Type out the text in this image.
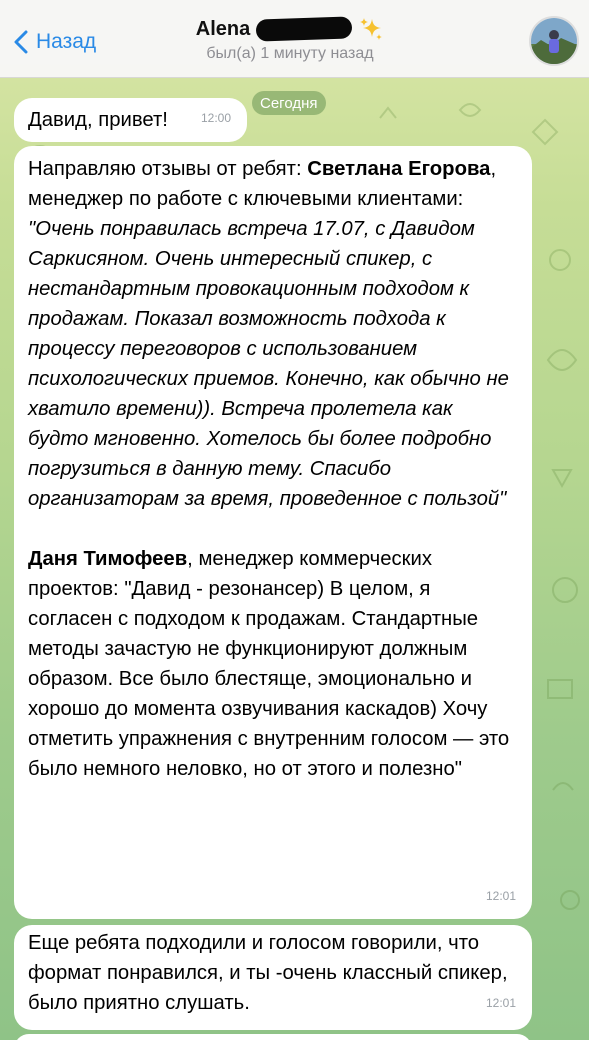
Назад
Alena
был(а) 1 минуту назад
Сегодня
Давид, привет!	12:00
Направляю отзывы от ребят: Светлана Егорова, менеджер по работе с ключевыми клиентами: "Очень понравилась встреча 17.07, с Давидом Саркисяном. Очень интересный спикер, с нестандартным провокационным подходом к продажам. Показал возможность подхода к процессу переговоров с использованием психологических приемов. Конечно, как обычно не хватило времени)). Встреча пролетела как будто мгновенно. Хотелось бы более подробно погрузиться в данную тему. Спасибо организаторам за время, проведенное с пользой"
Даня Тимофеев, менеджер коммерческих проектов: "Давид - резонансер) В целом, я согласен с подходом к продажам. Стандартные методы зачастую не функционируют должным образом. Все было блестяще, эмоционально и хорошо до момента озвучивания каскадов) Хочу отметить упражнения с внутренним голосом — это было немного неловко, но от этого и полезно"
12:01
Еще ребята подходили и голосом говорили, что формат понравился, и ты -очень классный спикер, было приятно слушать.	12:01
